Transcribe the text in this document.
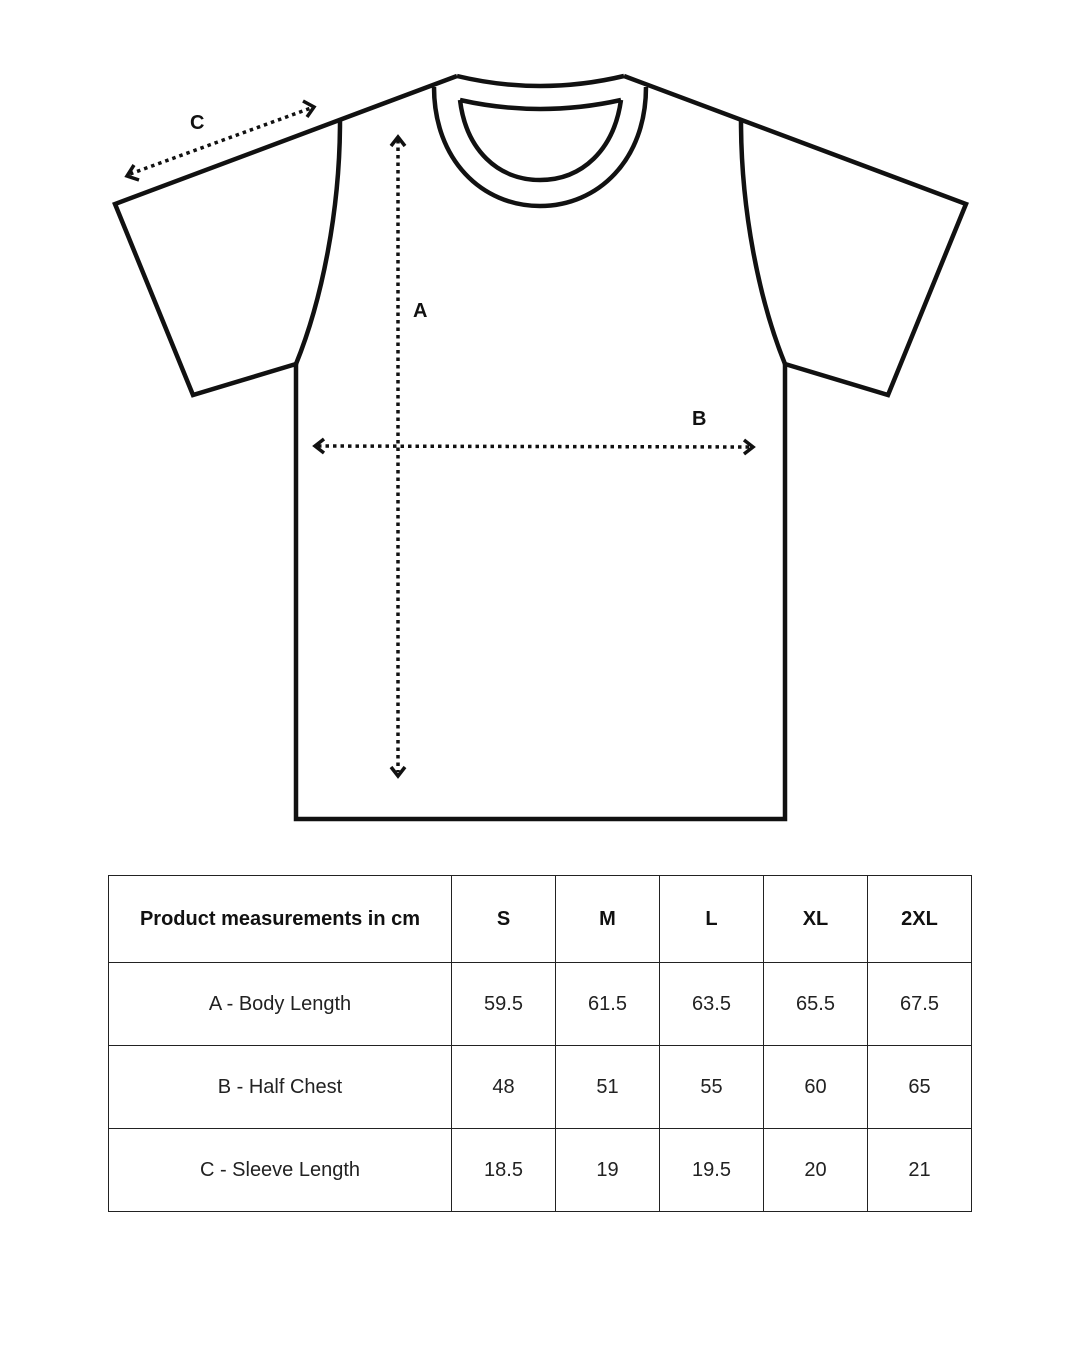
A
B
C
Product measurements in cm	S	M	L	XL	2XL
A - Body Length	59.5	61.5	63.5	65.5	67.5
B - Half Chest	48	51	55	60	65
C - Sleeve Length	18.5	19	19.5	20	21
